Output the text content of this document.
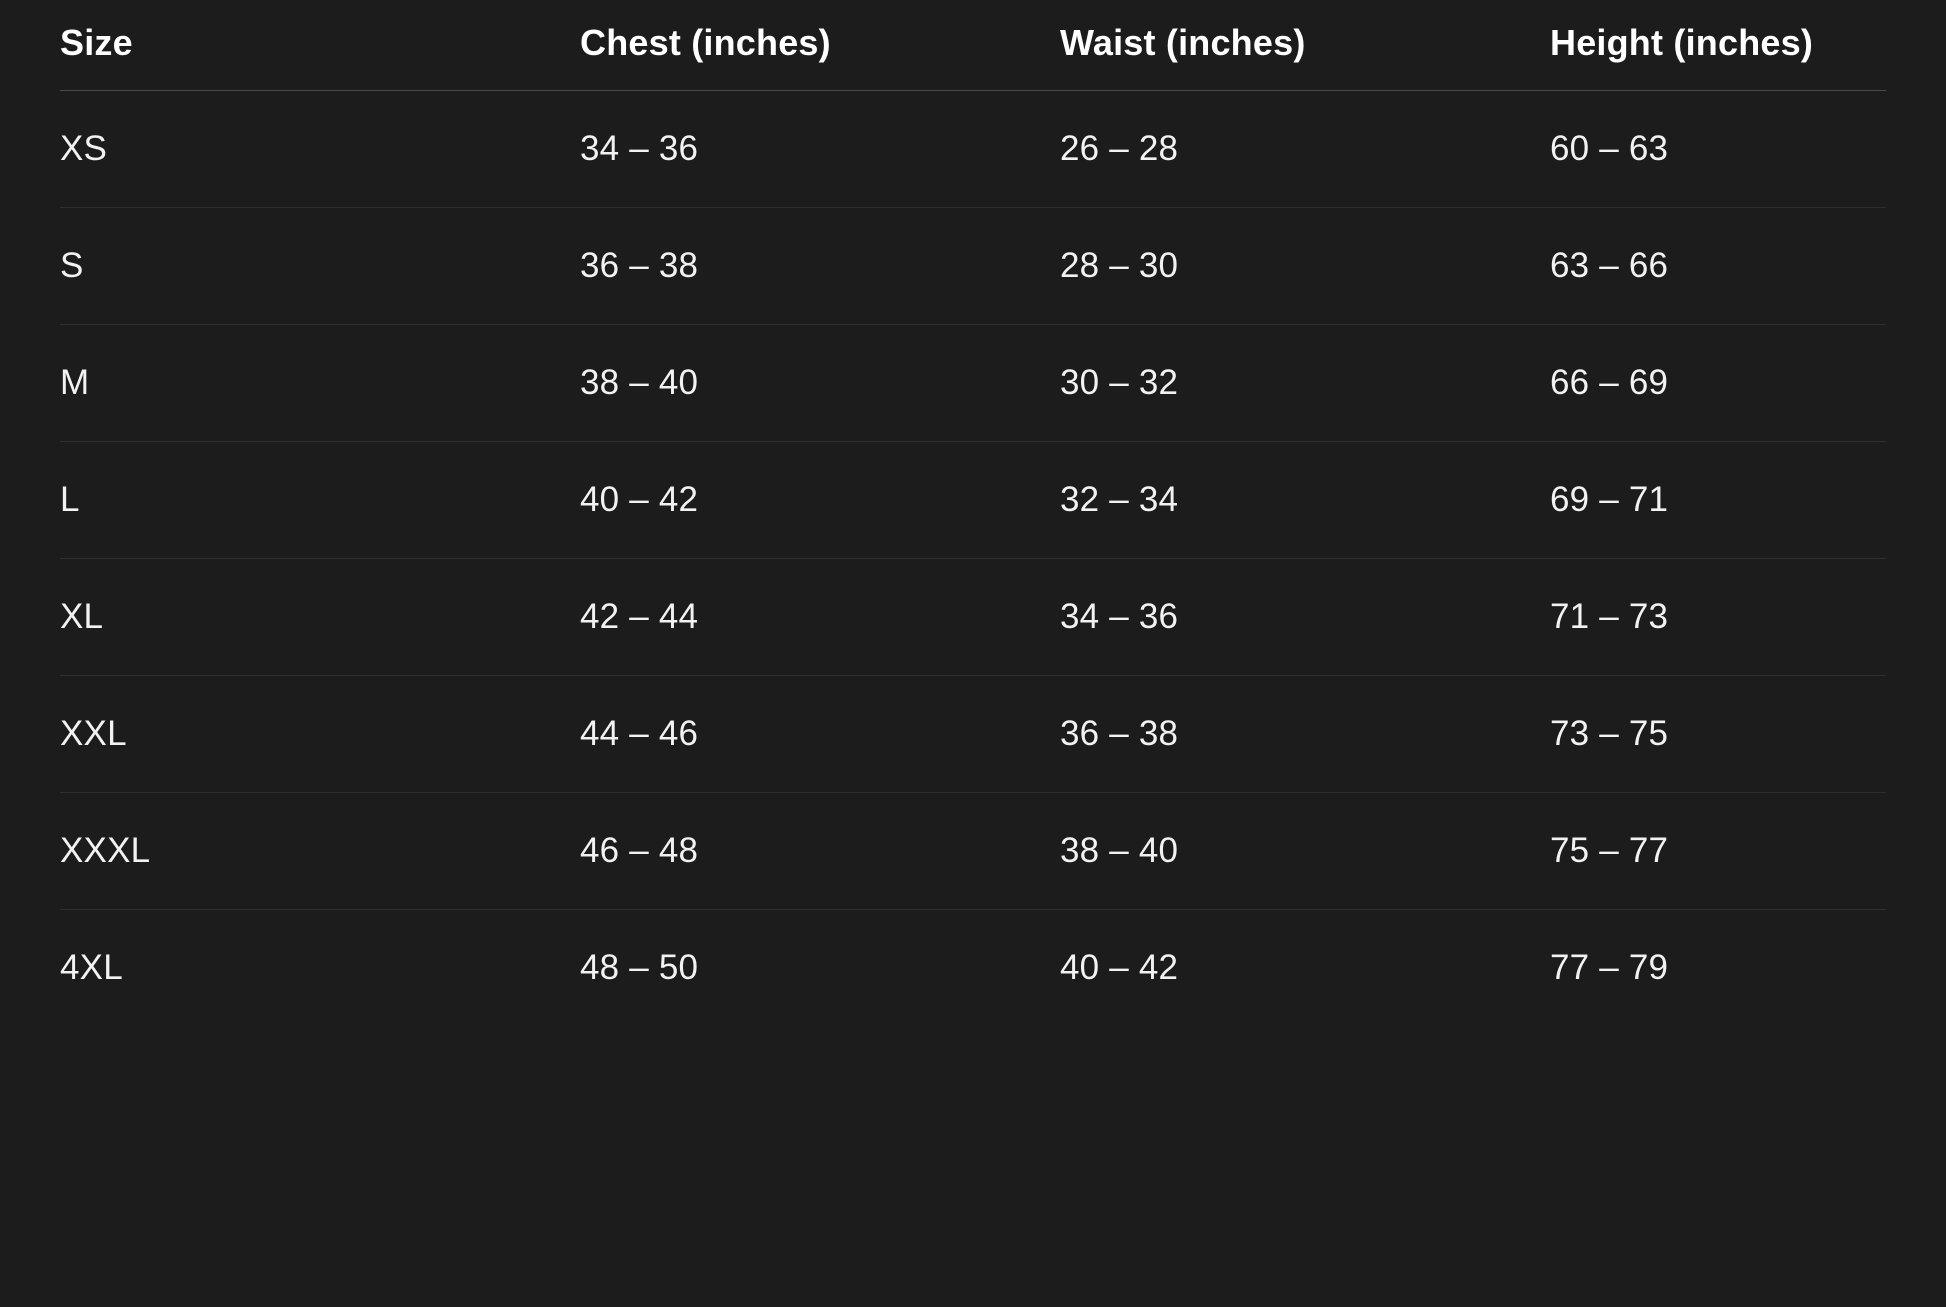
Size	Chest (inches)	Waist (inches)	Height (inches)
XS	34 – 36	26 – 28	60 – 63
S	36 – 38	28 – 30	63 – 66
M	38 – 40	30 – 32	66 – 69
L	40 – 42	32 – 34	69 – 71
XL	42 – 44	34 – 36	71 – 73
XXL	44 – 46	36 – 38	73 – 75
XXXL	46 – 48	38 – 40	75 – 77
4XL	48 – 50	40 – 42	77 – 79
